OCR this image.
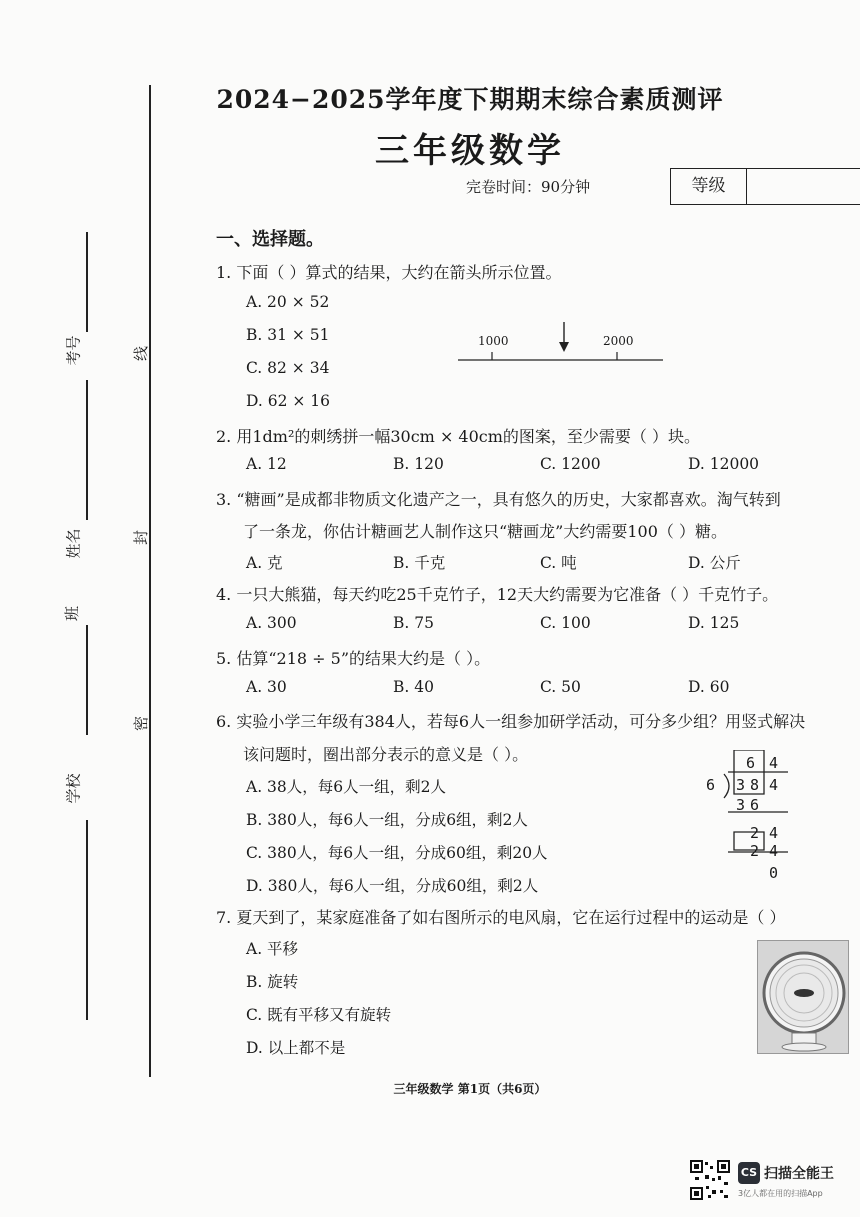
考号	线
姓名	封
班
密
学校
2024−2025学年度下期期末综合素质测评
三年级数学
完卷时间：90分钟	等级
一、选择题。
1. 下面（ ）算式的结果，大约在箭头所示位置。
A. 20 × 52
B. 31 × 51
C. 82 × 34
D. 62 × 16
1000	2000
2. 用1dm²的刺绣拼一幅30cm × 40cm的图案，至少需要（ ）块。
A. 12	B. 120	C. 1200	D. 12000
3. “糖画”是成都非物质文化遗产之一，具有悠久的历史，大家都喜欢。淘气转到
了一条龙，你估计糖画艺人制作这只“糖画龙”大约需要100（ ）糖。
A. 克	B. 千克	C. 吨	D. 公斤
4. 一只大熊猫，每天约吃25千克竹子，12天大约需要为它准备（ ）千克竹子。
A. 300	B. 75	C. 100	D. 125
5. 估算“218 ÷ 5”的结果大约是（ ）。
A. 30	B. 40	C. 50	D. 60
6. 实验小学三年级有384人，若每6人一组参加研学活动，可分多少组？用竖式解决
该问题时，圈出部分表示的意义是（ ）。
A. 38人，每6人一组，剩2人
B. 380人，每6人一组，分成6组，剩2人
C. 380人，每6人一组，分成60组，剩20人
D. 380人，每6人一组，分成60组，剩2人
6 4
6 3 8 4
3 6
2 4
2 4
0
7. 夏天到了，某家庭准备了如右图所示的电风扇，它在运行过程中的运动是（ ）
A. 平移
B. 旋转
C. 既有平移又有旋转
D. 以上都不是
三年级数学 第1页（共6页）
CS 扫描全能王
3亿人都在用的扫描App
